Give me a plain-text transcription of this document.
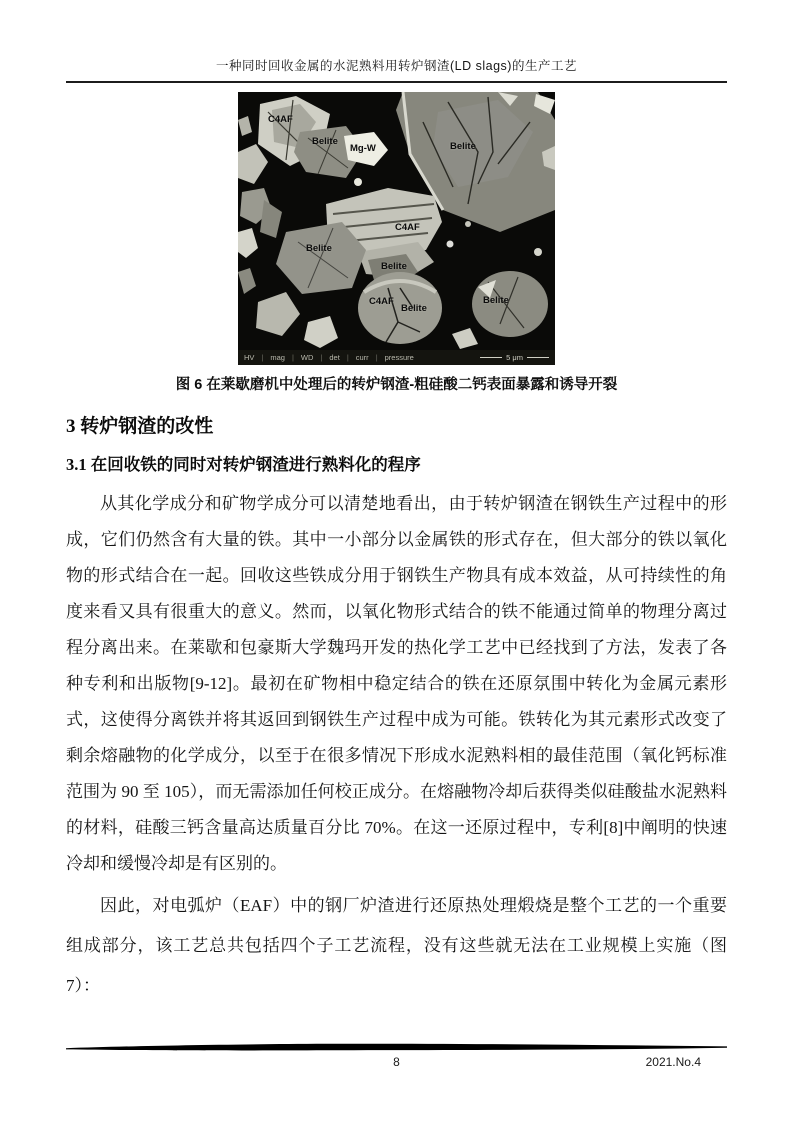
一种同时回收金属的水泥熟料用转炉钢渣(LD slags)的生产工艺
C4AF
Belite
Mg-W	Belite
C4AF
Belite
Belite
C4AF
Belite
Belite
HV | mag | WD | det | curr | pressure	5 μm
图 6 在莱歇磨机中处理后的转炉钢渣-粗硅酸二钙表面暴露和诱导开裂
3 转炉钢渣的改性
3.1 在回收铁的同时对转炉钢渣进行熟料化的程序

从其化学成分和矿物学成分可以清楚地看出，由于转炉钢渣在钢铁生产过程中的形成，它们仍然含有大量的铁。其中一小部分以金属铁的形式存在，但大部分的铁以氧化物的形式结合在一起。回收这些铁成分用于钢铁生产物具有成本效益，从可持续性的角度来看又具有很重大的意义。然而，以氧化物形式结合的铁不能通过简单的物理分离过程分离出来。在莱歇和包豪斯大学魏玛开发的热化学工艺中已经找到了方法，发表了各种专利和出版物[9-12]。最初在矿物相中稳定结合的铁在还原氛围中转化为金属元素形式，这使得分离铁并将其返回到钢铁生产过程中成为可能。铁转化为其元素形式改变了剩余熔融物的化学成分，以至于在很多情况下形成水泥熟料相的最佳范围（氧化钙标准范围为 90 至 105），而无需添加任何校正成分。在熔融物冷却后获得类似硅酸盐水泥熟料的材料，硅酸三钙含量高达质量百分比 70%。在这一还原过程中，专利[8]中阐明的快速冷却和缓慢冷却是有区别的。

因此，对电弧炉（EAF）中的钢厂炉渣进行还原热处理煅烧是整个工艺的一个重要组成部分，该工艺总共包括四个子工艺流程，没有这些就无法在工业规模上实施（图 7）：

8	2021.No.4
